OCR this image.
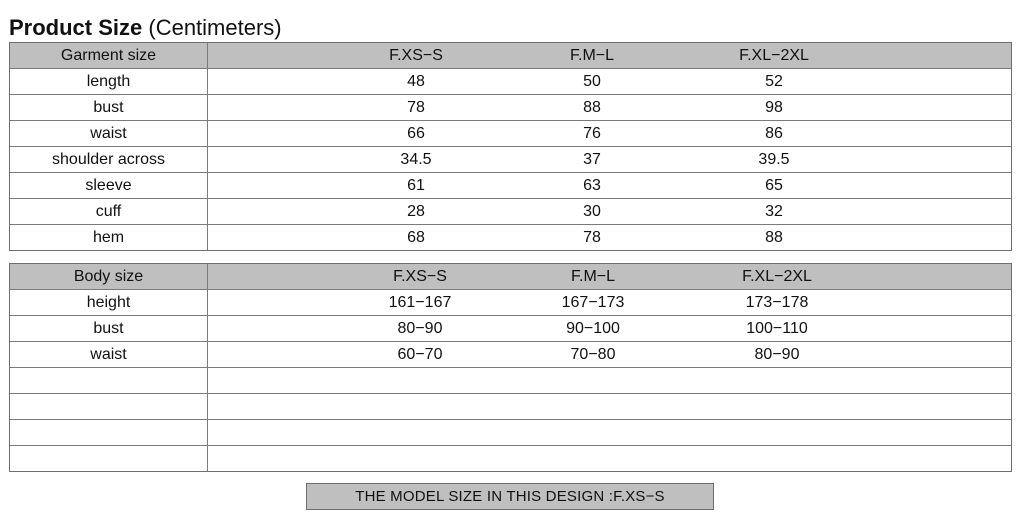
Product Size (Centimeters)
Garment size	F.XS−S	F.M−L	F.XL−2XL
length	48	50	52
bust	78	88	98
waist	66	76	86
shoulder across	34.5	37	39.5
sleeve	61	63	65
cuff	28	30	32
hem	68	78	88
Body size	F.XS−S	F.M−L	F.XL−2XL
height	161−167	167−173	173−178
bust	80−90	90−100	100−110
waist	60−70	70−80	80−90
THE MODEL SIZE IN THIS DESIGN :F.XS−S
